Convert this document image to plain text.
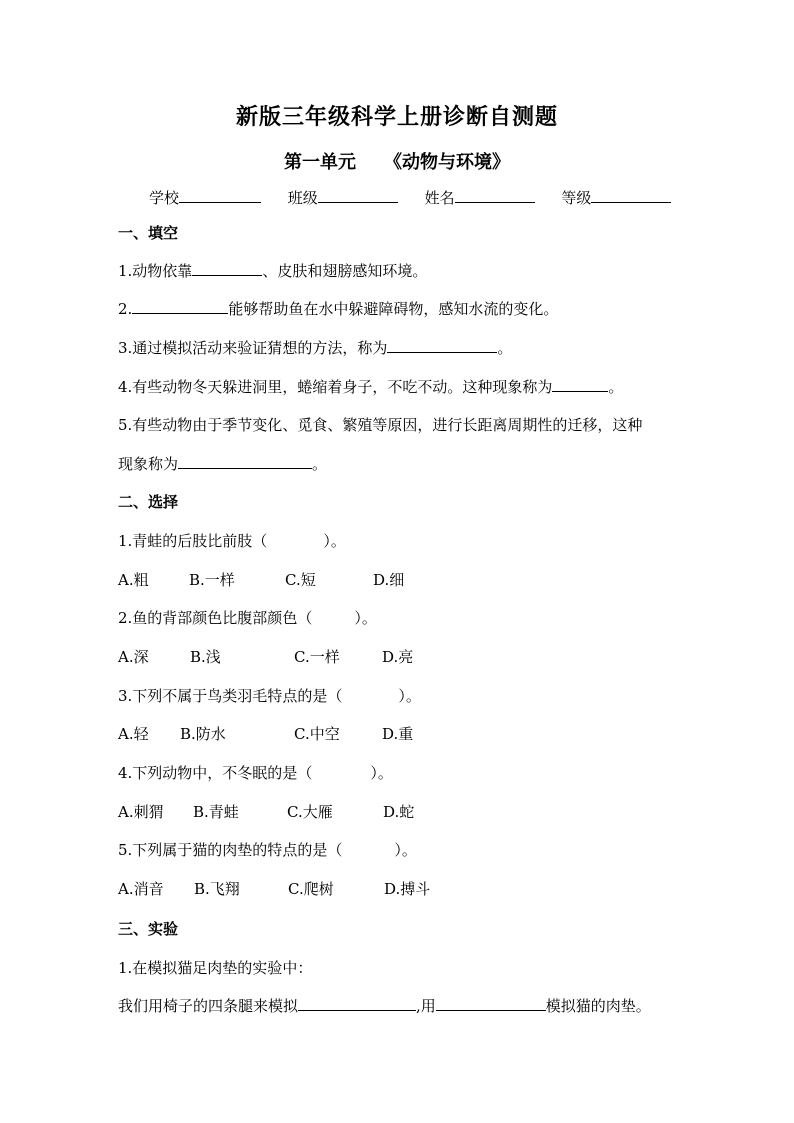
新版三年级科学上册诊断自测题
第一单元 《动物与环境》
学校	班级	姓名	等级
一、填空
1.动物依靠	、皮肤和翅膀感知环境。
2.	能够帮助鱼在水中躲避障碍物，感知水流的变化。
3.通过模拟活动来验证猜想的方法，称为	。
4.有些动物冬天躲进洞里，蜷缩着身子，不吃不动。这种现象称为	。
5.有些动物由于季节变化、觅食、繁殖等原因，进行长距离周期性的迁移，这种
现象称为	。
二、选择
1.青蛙的后肢比前肢（	）。
A.粗	B.一样	C.短	D.细
2.鱼的背部颜色比腹部颜色（	）。
A.深	B.浅	C.一样	D.亮
3.下列不属于鸟类羽毛特点的是（	）。
A.轻 B.防水	C.中空	D.重
4.下列动物中，不冬眠的是（	）。
A.刺猬 B.青蛙	C.大雁	D.蛇
5.下列属于猫的肉垫的特点的是（	）。
A.消音 B.飞翔	C.爬树	D.搏斗
三、实验
1.在模拟猫足肉垫的实验中：
我们用椅子的四条腿来模拟	,用	模拟猫的肉垫。
